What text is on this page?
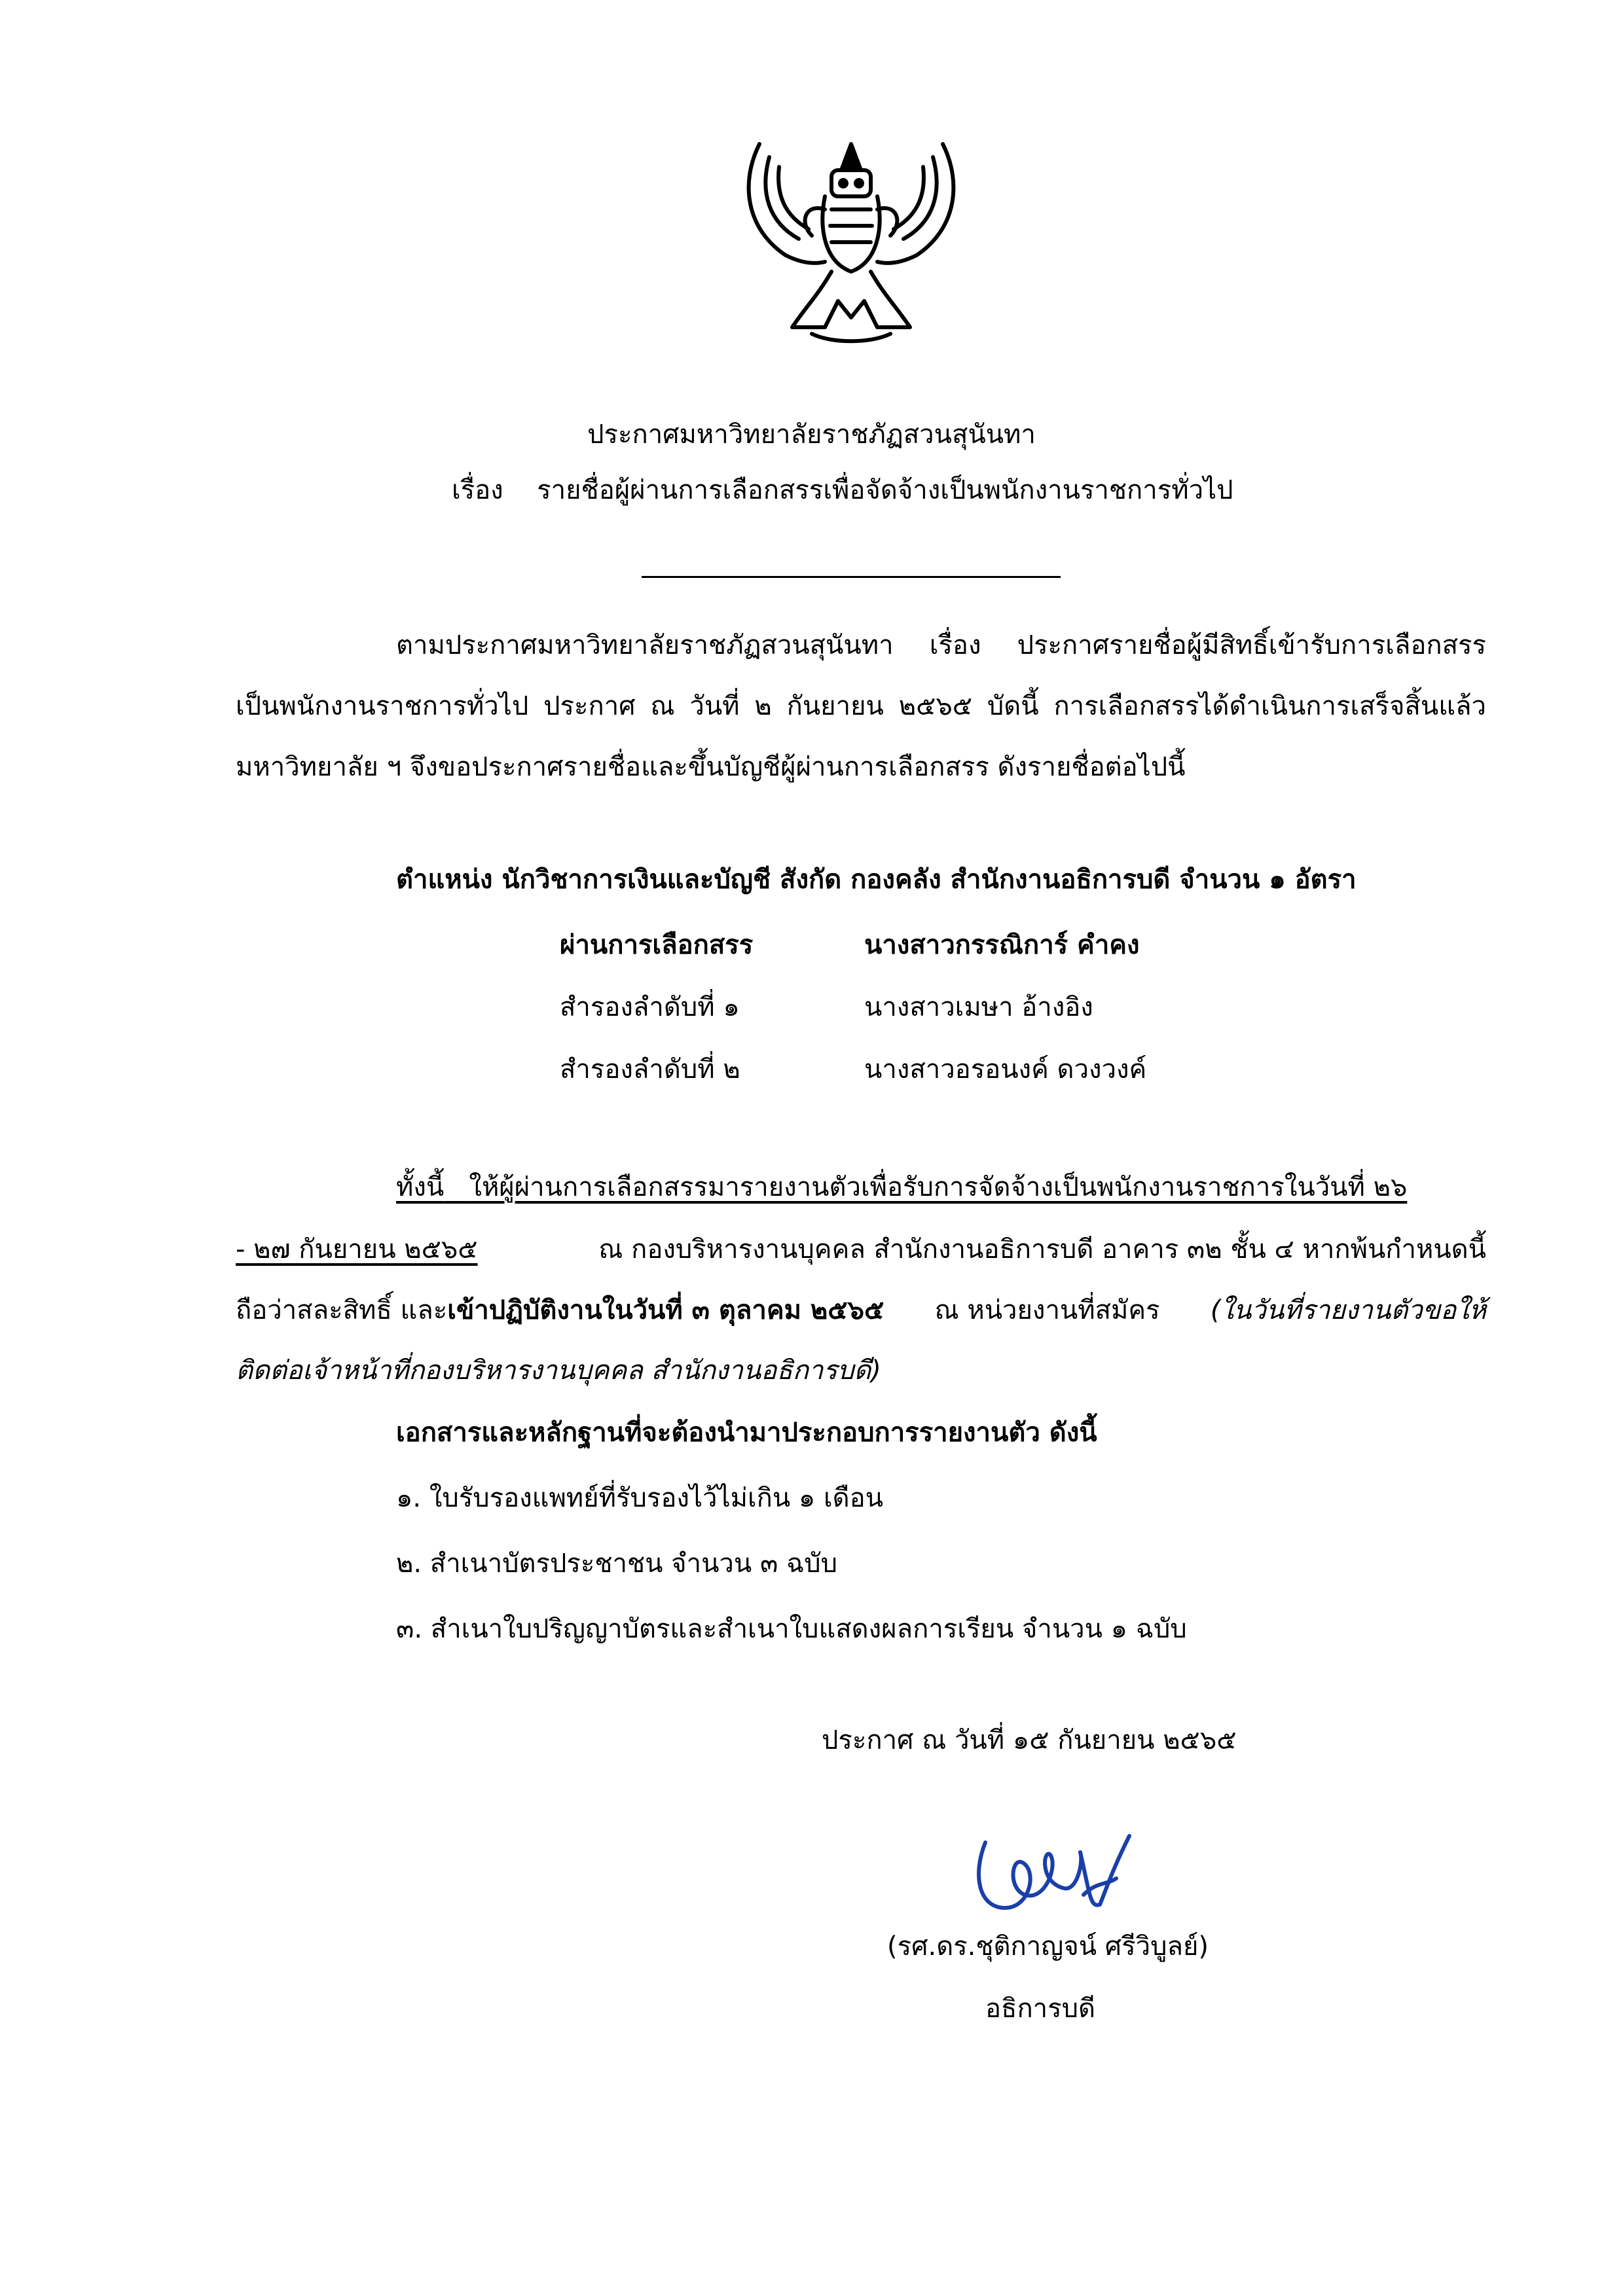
ประกาศมหาวิทยาลัยราชภัฏสวนสุนันทา
เรื่อง รายชื่อผู้ผ่านการเลือกสรรเพื่อจัดจ้างเป็นพนักงานราชการทั่วไป
ตามประกาศมหาวิทยาลัยราชภัฏสวนสุนันทา เรื่อง ประกาศรายชื่อผู้มีสิทธิ์เข้ารับการเลือกสรร
เป็นพนักงานราชการทั่วไป ประกาศ ณ วันที่ ๒ กันยายน ๒๕๖๕ บัดนี้ การเลือกสรรได้ดำเนินการเสร็จสิ้นแล้ว
มหาวิทยาลัย ฯ จึงขอประกาศรายชื่อและขึ้นบัญชีผู้ผ่านการเลือกสรร ดังรายชื่อต่อไปนี้
ตำแหน่ง นักวิชาการเงินและบัญชี สังกัด กองคลัง สำนักงานอธิการบดี จำนวน ๑ อัตรา
ผ่านการเลือกสรร	นางสาวกรรณิการ์ คำคง
สำรองลำดับที่ ๑	นางสาวเมษา อ้างอิง
สำรองลำดับที่ ๒	นางสาวอรอนงค์ ดวงวงค์
ทั้งนี้ ให้ผู้ผ่านการเลือกสรรมารายงานตัวเพื่อรับการจัดจ้างเป็นพนักงานราชการในวันที่ ๒๖
- ๒๗ กันยายน ๒๕๖๕	ณ กองบริหารงานบุคคล สำนักงานอธิการบดี อาคาร ๓๒ ชั้น ๔ หากพ้นกำหนดนี้
ถือว่าสละสิทธิ์ และเข้าปฏิบัติงานในวันที่ ๓ ตุลาคม ๒๕๖๕ ณ หน่วยงานที่สมัคร (ในวันที่รายงานตัวขอให้
ติดต่อเจ้าหน้าที่กองบริหารงานบุคคล สำนักงานอธิการบดี)
เอกสารและหลักฐานที่จะต้องนำมาประกอบการรายงานตัว ดังนี้
๑. ใบรับรองแพทย์ที่รับรองไว้ไม่เกิน ๑ เดือน
๒. สำเนาบัตรประชาชน จำนวน ๓ ฉบับ
๓. สำเนาใบปริญญาบัตรและสำเนาใบแสดงผลการเรียน จำนวน ๑ ฉบับ
ประกาศ ณ วันที่ ๑๕ กันยายน ๒๕๖๕
(รศ.ดร.ชุติกาญจน์ ศรีวิบูลย์)
อธิการบดี
